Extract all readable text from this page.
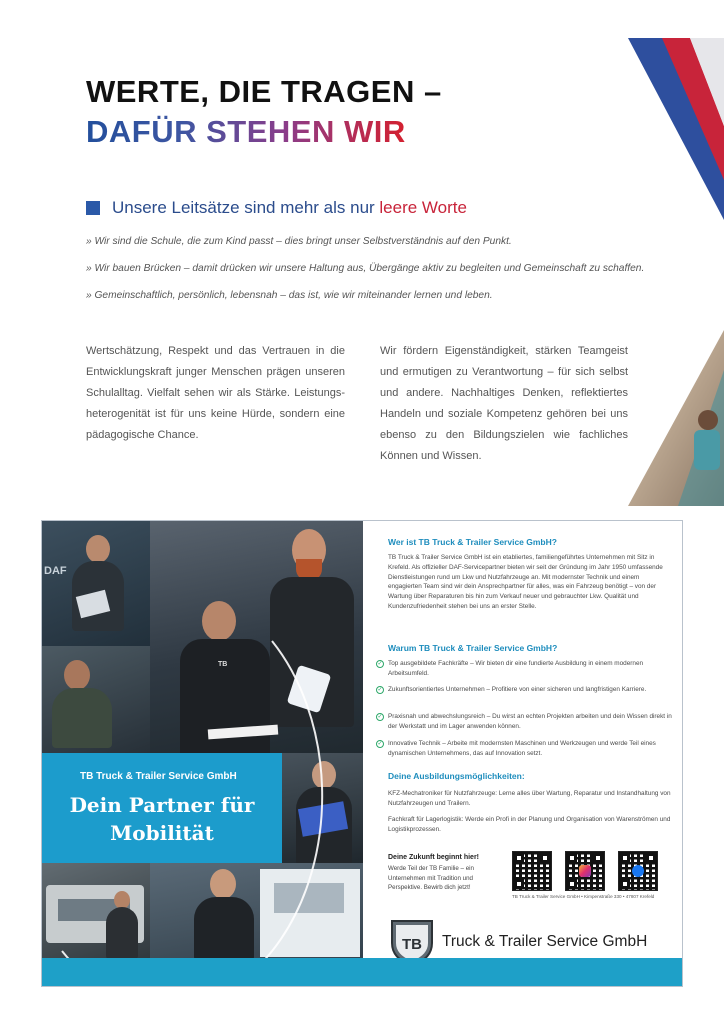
WERTE, DIE TRAGEN –
DAFÜR STEHEN WIR
Unsere Leitsätze sind mehr als nur leere Worte
» Wir sind die Schule, die zum Kind passt – dies bringt unser Selbstverständnis auf den Punkt.
» Wir bauen Brücken – damit drücken wir unsere Haltung aus, Übergänge aktiv zu begleiten und Gemeinschaft zu schaffen.
» Gemeinschaftlich, persönlich, lebensnah – das ist, wie wir miteinander lernen und leben.
Wertschätzung, Respekt und das Vertrauen in die Entwicklungskraft junger Menschen prägen unseren Schulalltag. Vielfalt sehen wir als Stärke. Leistungsheterogenität ist für uns keine Hürde, sondern eine pädagogische Chance.
Wir fördern Eigenständigkeit, stärken Teamgeist und ermutigen zu Verantwortung – für sich selbst und andere. Nachhaltiges Denken, reflektiertes Handeln und soziale Kompetenz gehören bei uns ebenso zu den Bildungszielen wie fachliches Können und Wissen.
DAF
TB
TB Truck & Trailer Service GmbH
Dein Partner für Mobilität
Wer ist TB Truck & Trailer Service GmbH?
TB Truck & Trailer Service GmbH ist ein etabliertes, familiengeführtes Unternehmen mit Sitz in Krefeld. Als offizieller DAF-Servicepartner bieten wir seit der Gründung im Jahr 1950 umfassende Dienstleistungen rund um Lkw und Nutzfahrzeuge an. Mit modernster Technik und einem engagierten Team sind wir dein Ansprechpartner für alles, was ein Fahrzeug benötigt – von der Wartung über Reparaturen bis hin zum Verkauf neuer und gebrauchter Lkw. Qualität und Kundenzufriedenheit stehen bei uns an erster Stelle.
Warum TB Truck & Trailer Service GmbH?
✓ Top ausgebildete Fachkräfte – Wir bieten dir eine fundierte Ausbildung in einem modernen Arbeitsumfeld.
✓ Zukunftsorientiertes Unternehmen – Profitiere von einer sicheren und langfristigen Karriere.
✓ Praxisnah und abwechslungsreich – Du wirst an echten Projekten arbeiten und dein Wissen direkt in der Werkstatt und im Lager anwenden können.
✓ Innovative Technik – Arbeite mit modernsten Maschinen und Werkzeugen und werde Teil eines dynamischen Unternehmens, das auf Innovation setzt.
Deine Ausbildungsmöglichkeiten:
KFZ-Mechatroniker für Nutzfahrzeuge: Lerne alles über Wartung, Reparatur und Instandhaltung von Nutzfahrzeugen und Trailern.
Fachkraft für Lagerlogistik: Werde ein Profi in der Planung und Organisation von Warenströmen und Logistikprozessen.
Deine Zukunft beginnt hier!
Werde Teil der TB Familie – ein Unternehmen mit Tradition und Perspektive. Bewirb dich jetzt!
TB Truck & Trailer Service GmbH • Kimpenstraße 330 • 47807 Krefeld
TB Truck & Trailer Service GmbH
